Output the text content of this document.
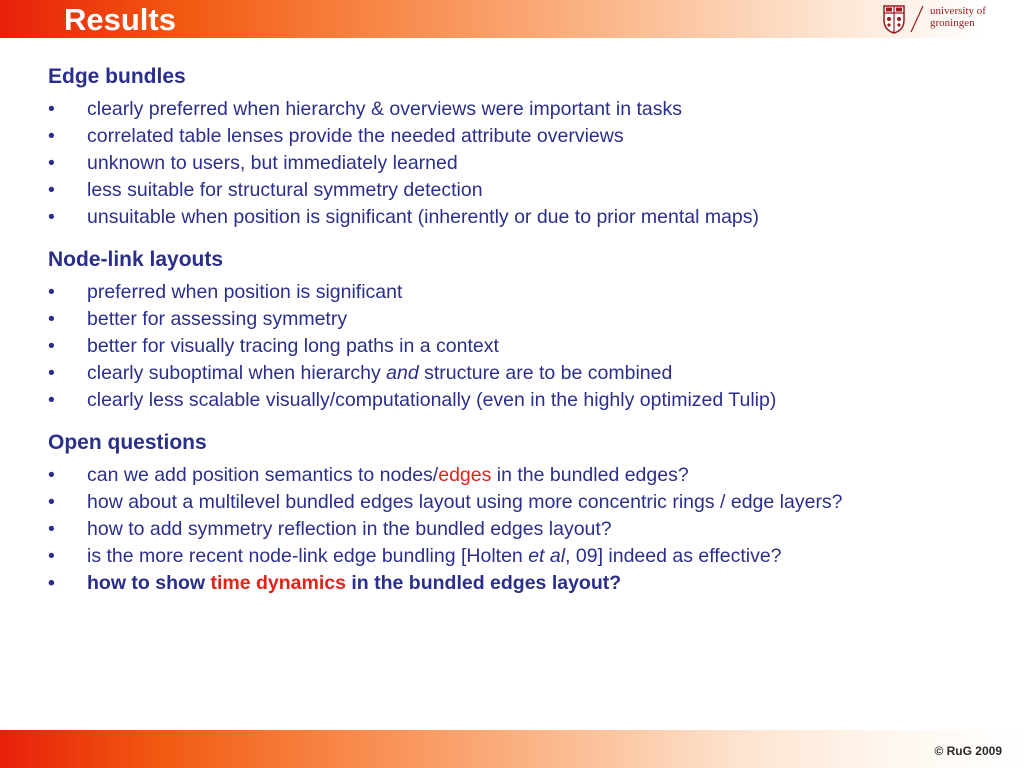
Results	university of
groningen
Edge bundles
• clearly preferred when hierarchy & overviews were important in tasks
• correlated table lenses provide the needed attribute overviews
• unknown to users, but immediately learned
• less suitable for structural symmetry detection
• unsuitable when position is significant (inherently or due to prior mental maps)
Node-link layouts
• preferred when position is significant
• better for assessing symmetry
• better for visually tracing long paths in a context
• clearly suboptimal when hierarchy and structure are to be combined
• clearly less scalable visually/computationally (even in the highly optimized Tulip)
Open questions
• can we add position semantics to nodes/edges in the bundled edges?
• how about a multilevel bundled edges layout using more concentric rings / edge layers?
• how to add symmetry reflection in the bundled edges layout?
• is the more recent node-link edge bundling [Holten et al, 09] indeed as effective?
• how to show time dynamics in the bundled edges layout?
© RuG 2009
